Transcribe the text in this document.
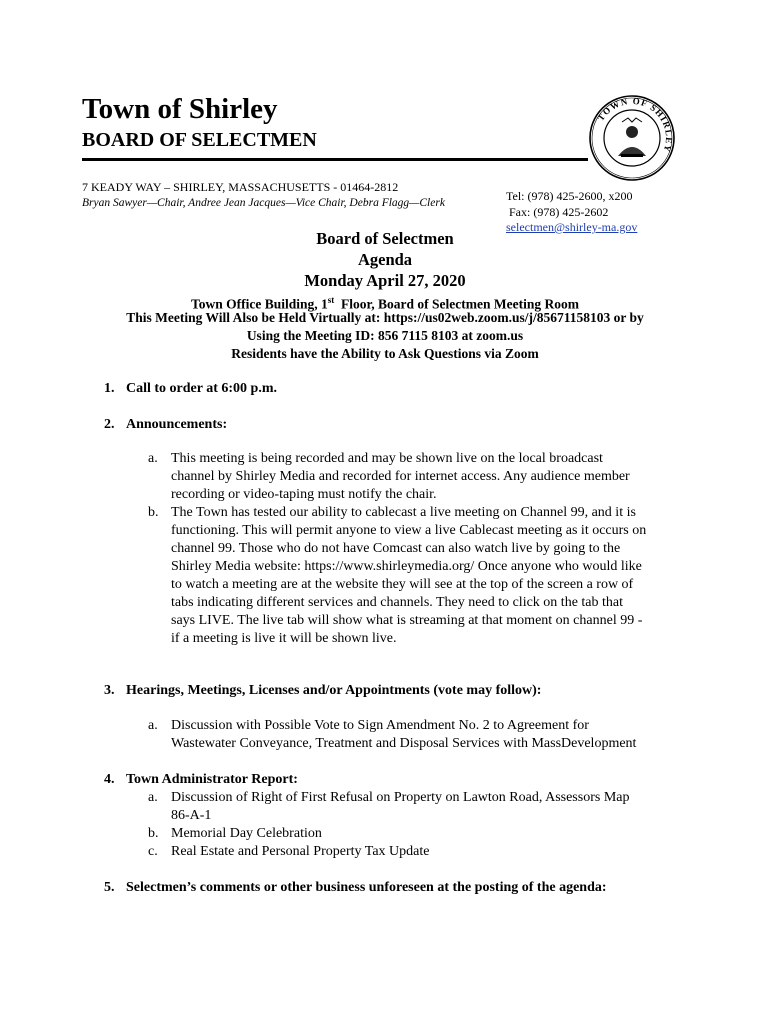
Town of Shirley
BOARD OF SELECTMEN
TOWN OF SHIRLEY
7 KEADY WAY – SHIRLEY, MASSACHUSETTS - 01464-2812
Bryan Sawyer—Chair, Andree Jean Jacques—Vice Chair, Debra Flagg—Clerk	Tel: (978) 425-2600, x200
Fax: (978) 425-2602
selectmen@shirley-ma.gov
Board of Selectmen
Agenda
Monday April 27, 2020
Town Office Building, 1st  Floor, Board of Selectmen Meeting Room
This Meeting Will Also be Held Virtually at: https://us02web.zoom.us/j/85671158103 or by
Using the Meeting ID: 856 7115 8103 at zoom.us
Residents have the Ability to Ask Questions via Zoom
1. Call to order at 6:00 p.m.
2. Announcements:
a. This meeting is being recorded and may be shown live on the local broadcast
channel by Shirley Media and recorded for internet access. Any audience member
recording or video-taping must notify the chair.
b. The Town has tested our ability to cablecast a live meeting on Channel 99, and it is
functioning. This will permit anyone to view a live Cablecast meeting as it occurs on
channel 99. Those who do not have Comcast can also watch live by going to the
Shirley Media website: https://www.shirleymedia.org/ Once anyone who would like
to watch a meeting are at the website they will see at the top of the screen a row of
tabs indicating different services and channels. They need to click on the tab that
says LIVE. The live tab will show what is streaming at that moment on channel 99 -
if a meeting is live it will be shown live.
3. Hearings, Meetings, Licenses and/or Appointments (vote may follow):
a. Discussion with Possible Vote to Sign Amendment No. 2 to Agreement for
Wastewater Conveyance, Treatment and Disposal Services with MassDevelopment
4. Town Administrator Report:
a. Discussion of Right of First Refusal on Property on Lawton Road, Assessors Map
86-A-1
b. Memorial Day Celebration
c. Real Estate and Personal Property Tax Update
5. Selectmen’s comments or other business unforeseen at the posting of the agenda:
